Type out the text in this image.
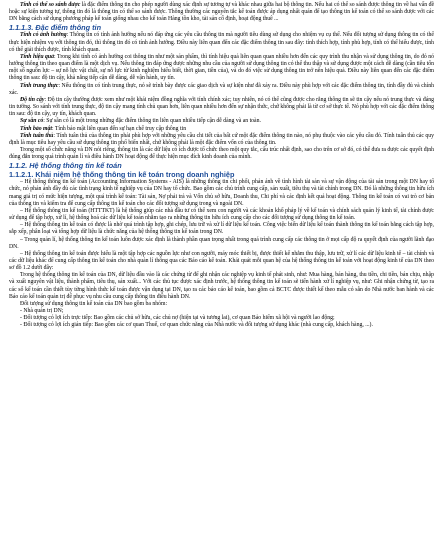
Tính có thể so sánh được là đặc điểm thông tin cho phép người dùng xác định sự tương tự và khác nhau giữa hai bộ thông tin. Nếu hai có thể so sánh được thông tin về hai vấn đề hoặc sự kiện tương tự, thông tin đó là thông tin có thể so sánh được. Thông thường các nguyên tắc kế toán được áp dụng nhất quán để tạo thông tin kế toán có thể so sánh được với các DN bằng cách sử dụng phương pháp kế toán giống nhau cho kế toán Hàng tồn kho, tài sản cố định, hoạt động thuê ...

1.1.1.3. Đặc điểm thông tin

Tính có ảnh hưởng: Thông tin có tính ảnh hưởng nếu nó đáp ứng các yêu cầu thông tin mà người tiêu dùng sử dụng cho nhiệm vụ cụ thể. Nếu đối tượng sử dụng thông tin có thể thực hiện nhiệm vụ với thông tin đó, thì thông tin đó có tính ảnh hưởng. Điều này liên quan đến các đặc điểm thông tin sau đây: tính thích hợp, tính phù hợp, tính có thể hiểu được, tính có thể giải thích được, tính khách quan.

Tính hiệu quả: Trong khi tính có ảnh hưởng coi thông tin như một sản phẩm, thì tính hiệu quả liên quan quan nhiều hơn đến các quy trình thu nhận và sử dụng thông tin, do đó nó hướng thông tin theo quan điểm là một dịch vụ. Nếu thông tin đáp ứng được những nhu cầu của người sử dụng thông tin có thể thu thập và sử dụng được một cách dễ dàng (cần tiêu tốn một số nguồn lực – sự nỗ lực vật chất, sự nỗ lực từ kinh nghiệm hiểu biết, thời gian, tiền của), và do đó việc sử dụng thông tin trở nên hiệu quả. Điều này liên quan đến các đặc điểm thông tin sau: độ tin cậy, khả năng tiếp cận dễ dàng, dễ vận hành, uy tín.

Tính trung thực: Nếu thông tin có tính trung thực, nó sẽ trình bày được các giao dịch và sự kiện như đã xảy ra. Điều này phù hợp với các đặc điểm thông tin, tính đầy đủ và chính xác.

Độ tin cậy: Độ tin cậy thường được xem như một khái niệm đồng nghĩa với tính chính xác; tuy nhiên, nó có thể cũng được cho rằng thông tin sẽ tin cậy nếu nó trung thực và đáng tin tưởng. So sánh với tính trung thực, độ tin cậy mang tính chủ quan hơn, liên quan nhiều hơn đến sự nhận thức, chứ không phải là từ cơ sở thực tế. Nó phù hợp với các đặc điểm thông tin sau: độ tin cậy, uy tín, khách quan.

Sự sẵn có: Sự sẵn có là một trong những đặc điểm thông tin liên quan nhiều tiếp cận dễ dàng và an toàn.

Tính bảo mật: Tính bảo mật liên quan đến sự hạn chế truy cập thông tin

Tính tuân thủ: Tính tuân thủ của thông tin phải phù hợp với những yêu cầu chi tiết của bất cứ một đặc điểm thông tin nào, nó phụ thuộc vào các yêu cầu đó. Tính tuân thủ các quy định là mục tiêu hay yêu cầu sử dụng thông tin phổ biến nhất, chứ không phải là một đặc điểm vốn có của thông tin.

Trong một số chức năng và DN nói riêng, thông tin là các dữ liệu có ích được tổ chức theo một quy tắc, cấu trúc nhất định, sao cho trên cơ sở đó, có thể đưa ra được các quyết định đúng đắn trong quá trình quản lí và điều hành DN hoạt động để thực hiện mục đích kinh doanh của mình.

1.1.2. Hệ thống thông tin kế toán
1.1.2.1. Khái niệm hệ thống thông tin kế toán trong doanh nghiệp

– Hệ thống thông tin kế toán (Accounting Information Systems - AIS) là những thông tin chi phối, phản ánh về tình hình tài sản và sự vận động của tài sản trong một DN hay tổ chức, nó phản ánh đầy đủ các tình trạng kinh tế nghiệp vụ của DN hay tổ chức. Bao gồm các chủ trình cung cấp, sản xuất, tiêu thụ và tài chính trong DN. Đó là những thông tin hữu ích mang giá trị có mức hiện tượng, một quá trình kế toán: Tài sản, Nợ phải trả và Vốn chủ sở hữu, Doanh thu, Chi phí và các định kết quả hoạt động. Thông tin kế toán có vai trò cơ bản của thông tin và kiểm tra để cung cấp thông tin kế toán cho các đối tượng sử dụng trong và ngoài DN.

– Hệ thống thông tin kế toán (HTTTKT) là hệ thống giúp các nhà đầu tư có thể xem con người và các khoản khổ pháp lý về kế toán và chính sách quản lý kinh tế, tài chính được sử dụng để tập hợp, xử lí, hệ thống hoá các dữ liệu kế toán nhằm tạo ra những thông tin hữu ích cung cấp cho các đối tượng sử dụng thông tin kế toán.

– Hệ thống thông tin kế toán có được là nhờ quá trình tập hợp, ghi chép, lưu trữ và xử lí dữ liệu kế toán. Công việc biến dữ liệu kế toán thành thông tin kế toán bằng cách tập hợp, sắp xếp, phân loại và tổng hợp dữ liệu là chức năng của hệ thống thông tin kế toán trong DN.

– Trong quản lí, hệ thống thông tin kế toán luôn được xác định là thành phần quan trọng nhất trong quá trình cung cấp các thông tin ở mọi cấp độ ra quyết định của người lãnh đạo DN.

– Hệ thống thông tin kế toán được hiểu là một tập hợp các nguồn lực như con người, máy móc thiết bị, được thiết kế nhằm thu thập, lưu trữ, xử lí các dữ liệu kinh tế – tài chính và các dữ liệu khác để cung cấp thông tin kế toán cho nhà quản lí thông qua các Báo cáo kế toán. Khái quát mỗi quan hệ của hệ thống thông tin kế toán với hoạt động kinh tế của DN theo sơ đồ 1.2 dưới đây:

Trong hệ thống thông tin kế toán của DN, dữ liệu đầu vào là các chứng từ để ghi nhận các nghiệp vụ kinh tế phát sinh, như: Mua hàng, bán hàng, thu tiền, chi tiền, bán chịu, nhập và xuất nguyên vật liệu, thành phẩm, tiêu thụ, sản xuất... Với các thủ tục được xác định trước, hệ thống thông tin kế toán sẽ tiến hành xử lí nghiệp vụ, như: Ghi nhận chứng từ, tạo ra các sổ kế toán cần thiết tùy từng hình thức kế toán được vận dụng tại DN, tạo ra các báo cáo kế toán, bao gồm cả BCTC được thiết kế theo mẫu có sẵn do Nhà nước ban hành và các Báo cáo kế toán quản trị để phục vụ nhu cầu cung cấp thông tin điều hành DN.

Đối tượng sử dụng thông tin kế toán của DN bao gồm ba nhóm:

- Nhà quản trị DN;

- Đối tượng có lợi ích trực tiếp: Bao gồm các chủ sở hữu, các chủ nợ (hiện tại và tương lai), cơ quan Bảo hiểm xã hội và người lao động;

- Đối tượng có lợi ích gián tiếp: Bao gồm các cơ quan Thuế, cơ quan chức năng của Nhà nước và đối tượng sử dụng khác (nhà cung cấp, khách hàng, ...).
